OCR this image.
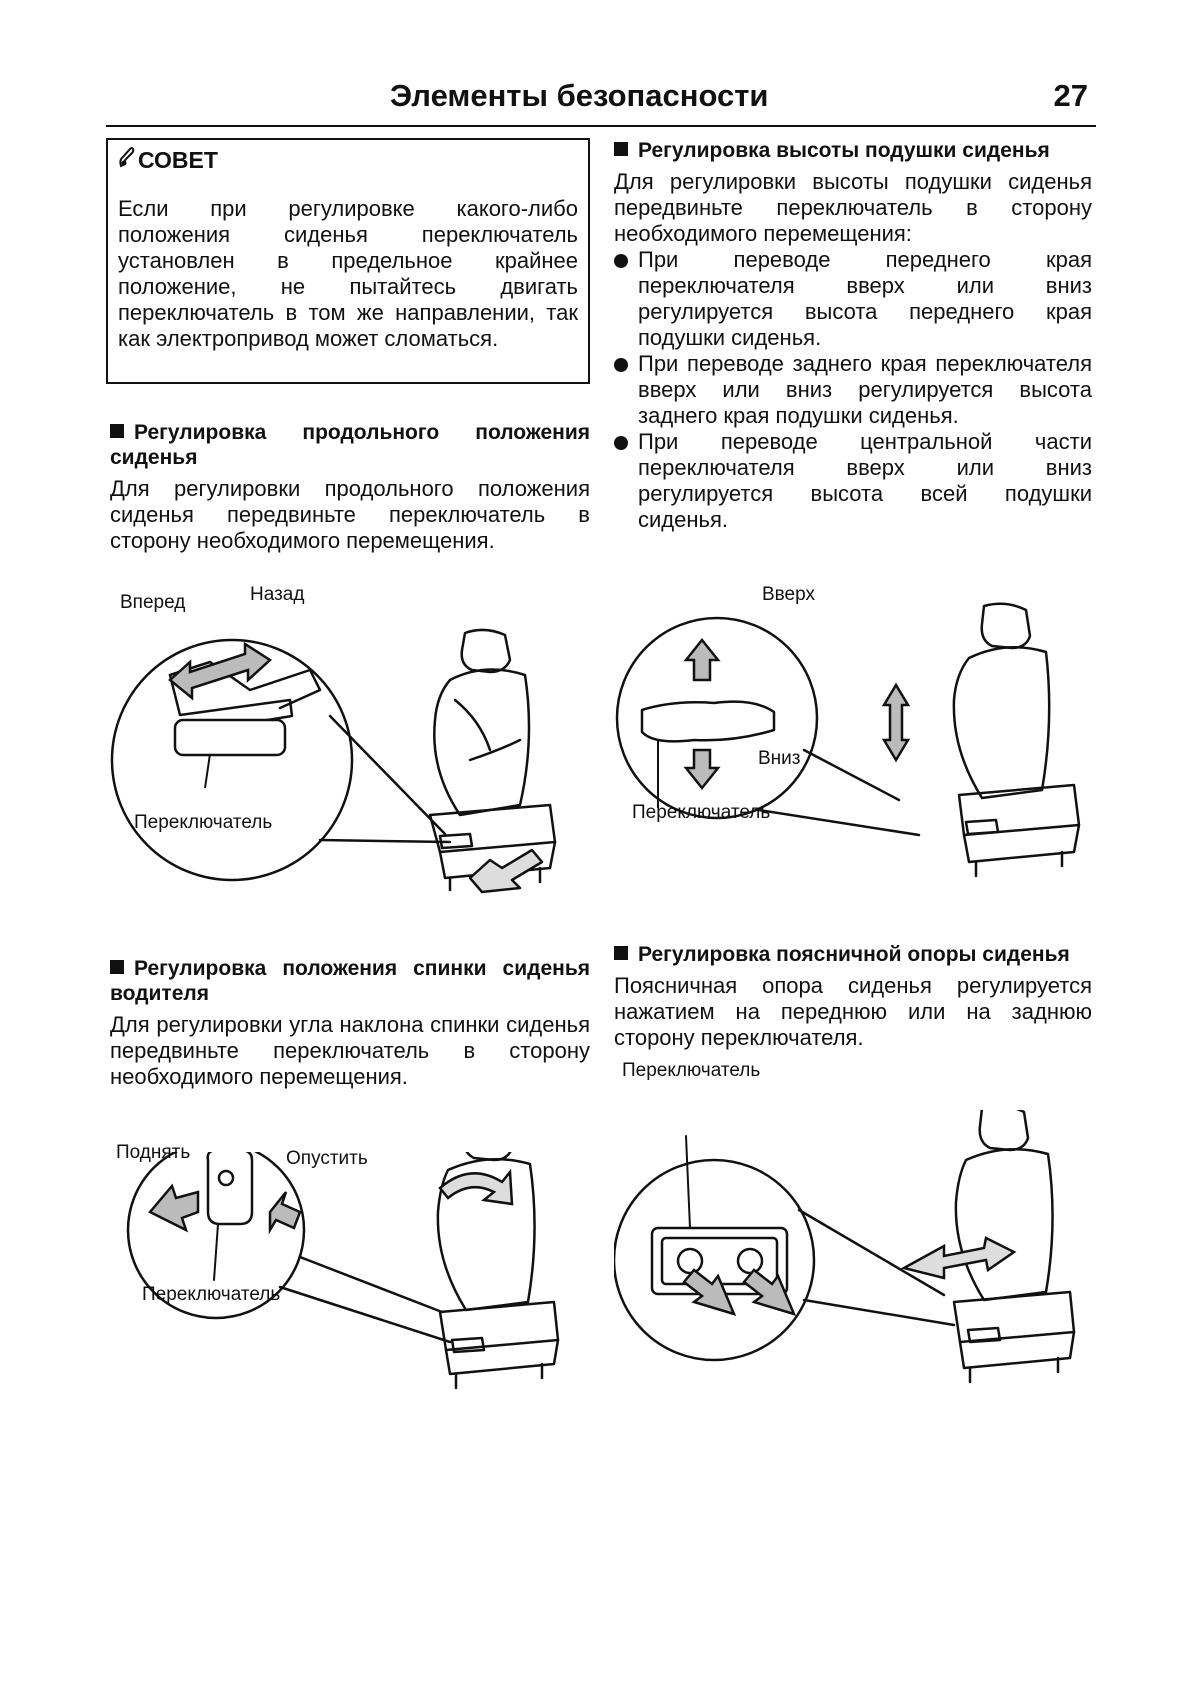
Элементы безопасности	27
СОВЕТ

Если при регулировке какого-либо положения сиденья переключатель установлен в предельное крайнее положение, не пытайтесь двигать переключатель в том же направлении, так как электропривод может сломаться.

Регулировка продольного положения сиденья

Для регулировки продольного положения сиденья передвиньте переключатель в сторону необходимого перемещения.

Регулировка высоты подушки сиденья

Для регулировки высоты подушки сиденья передвиньте переключатель в сторону необходимого перемещения:

При переводе переднего края переключателя вверх или вниз регулируется высота переднего края подушки сиденья.
При переводе заднего края переключателя вверх или вниз регулируется высота заднего края подушки сиденья.
При переводе центральной части переключателя вверх или вниз регулируется высота всей подушки сиденья.

Регулировка положения спинки сиденья водителя

Для регулировки угла наклона спинки сиденья передвиньте переключатель в сторону необходимого перемещения.

Регулировка поясничной опоры сиденья

Поясничная опора сиденья регулируется нажатием на переднюю или на заднюю сторону переключателя.

Вперед	Назад
Переключатель
Вверх
Вниз
Переключатель
Поднять	Опустить
Переключатель
Переключатель
